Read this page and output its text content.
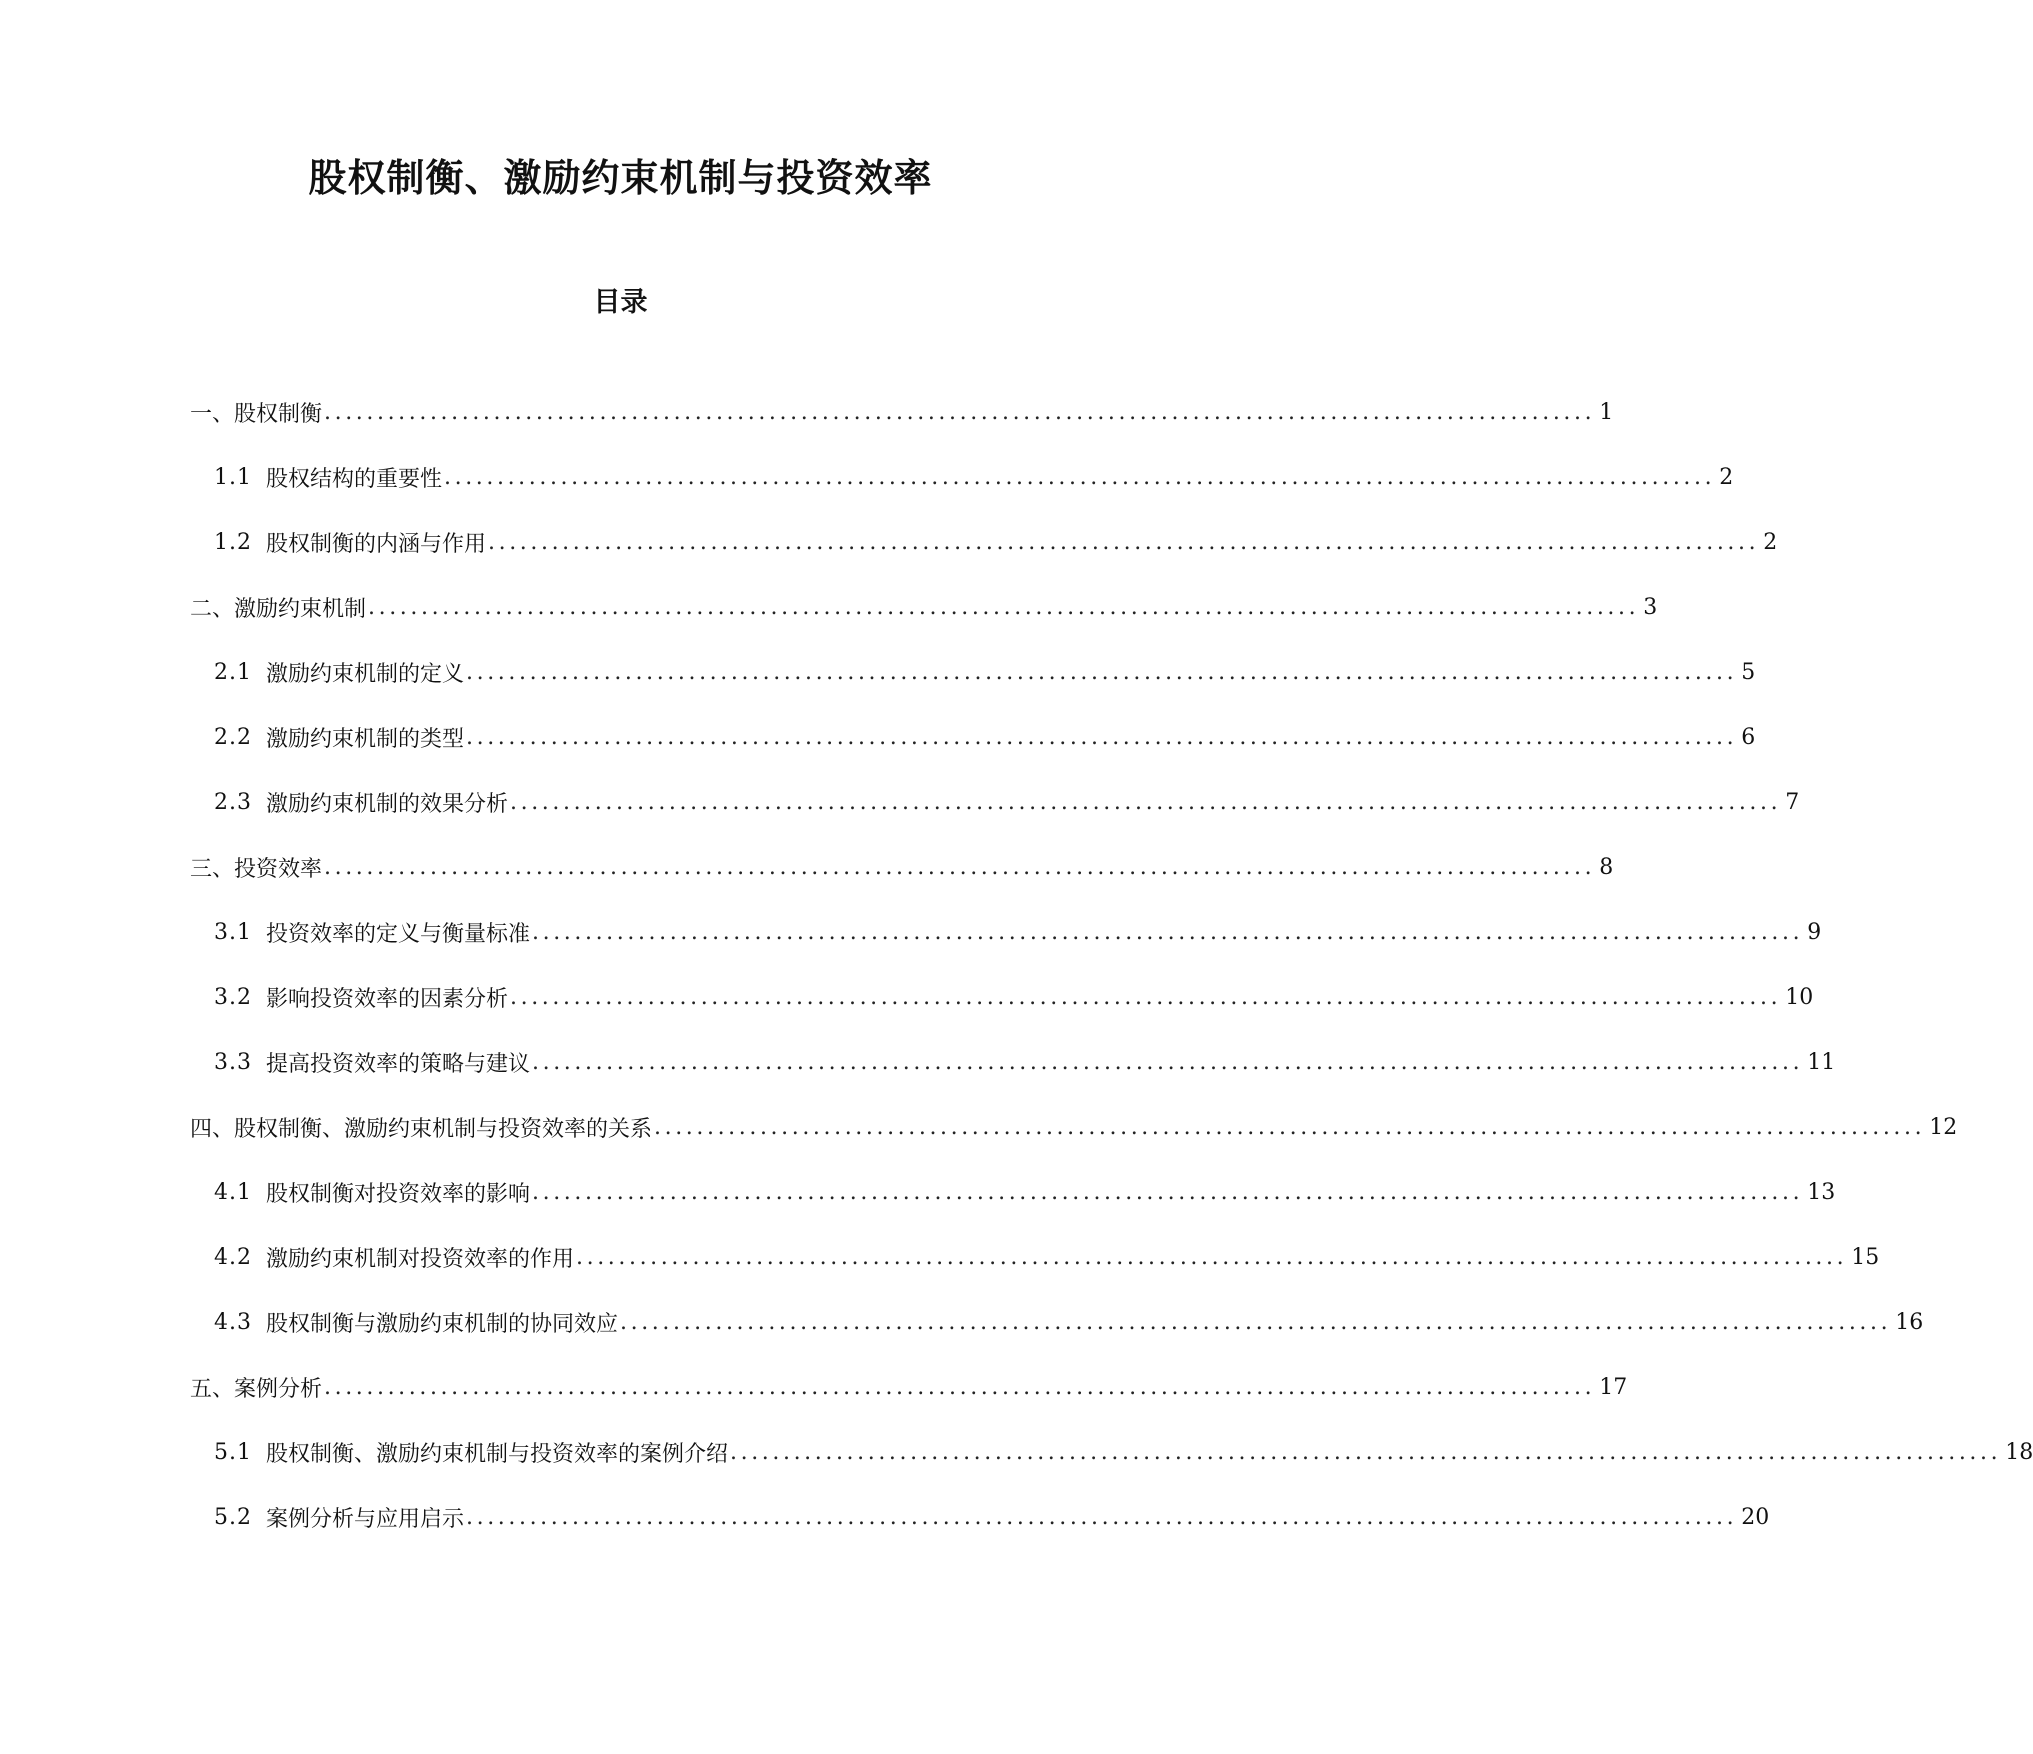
股权制衡、激励约束机制与投资效率
目录
一、股权制衡 ........................................................................................................................ 1
1.1 股权结构的重要性 ........................................................................................................................ 2
1.2 股权制衡的内涵与作用 ........................................................................................................................ 2
二、激励约束机制 ........................................................................................................................ 3
2.1 激励约束机制的定义 ........................................................................................................................ 5
2.2 激励约束机制的类型 ........................................................................................................................ 6
2.3 激励约束机制的效果分析 ........................................................................................................................ 7
三、投资效率 ........................................................................................................................ 8
3.1 投资效率的定义与衡量标准 ........................................................................................................................ 9
3.2 影响投资效率的因素分析 ........................................................................................................................ 10
3.3 提高投资效率的策略与建议 ........................................................................................................................ 11
四、股权制衡、激励约束机制与投资效率的关系 ........................................................................................................................ 12
4.1 股权制衡对投资效率的影响 ........................................................................................................................ 13
4.2 激励约束机制对投资效率的作用 ........................................................................................................................ 15
4.3 股权制衡与激励约束机制的协同效应 ........................................................................................................................ 16
五、案例分析 ........................................................................................................................ 17
5.1 股权制衡、激励约束机制与投资效率的案例介绍 ........................................................................................................................ 18
5.2 案例分析与应用启示 ........................................................................................................................ 20
